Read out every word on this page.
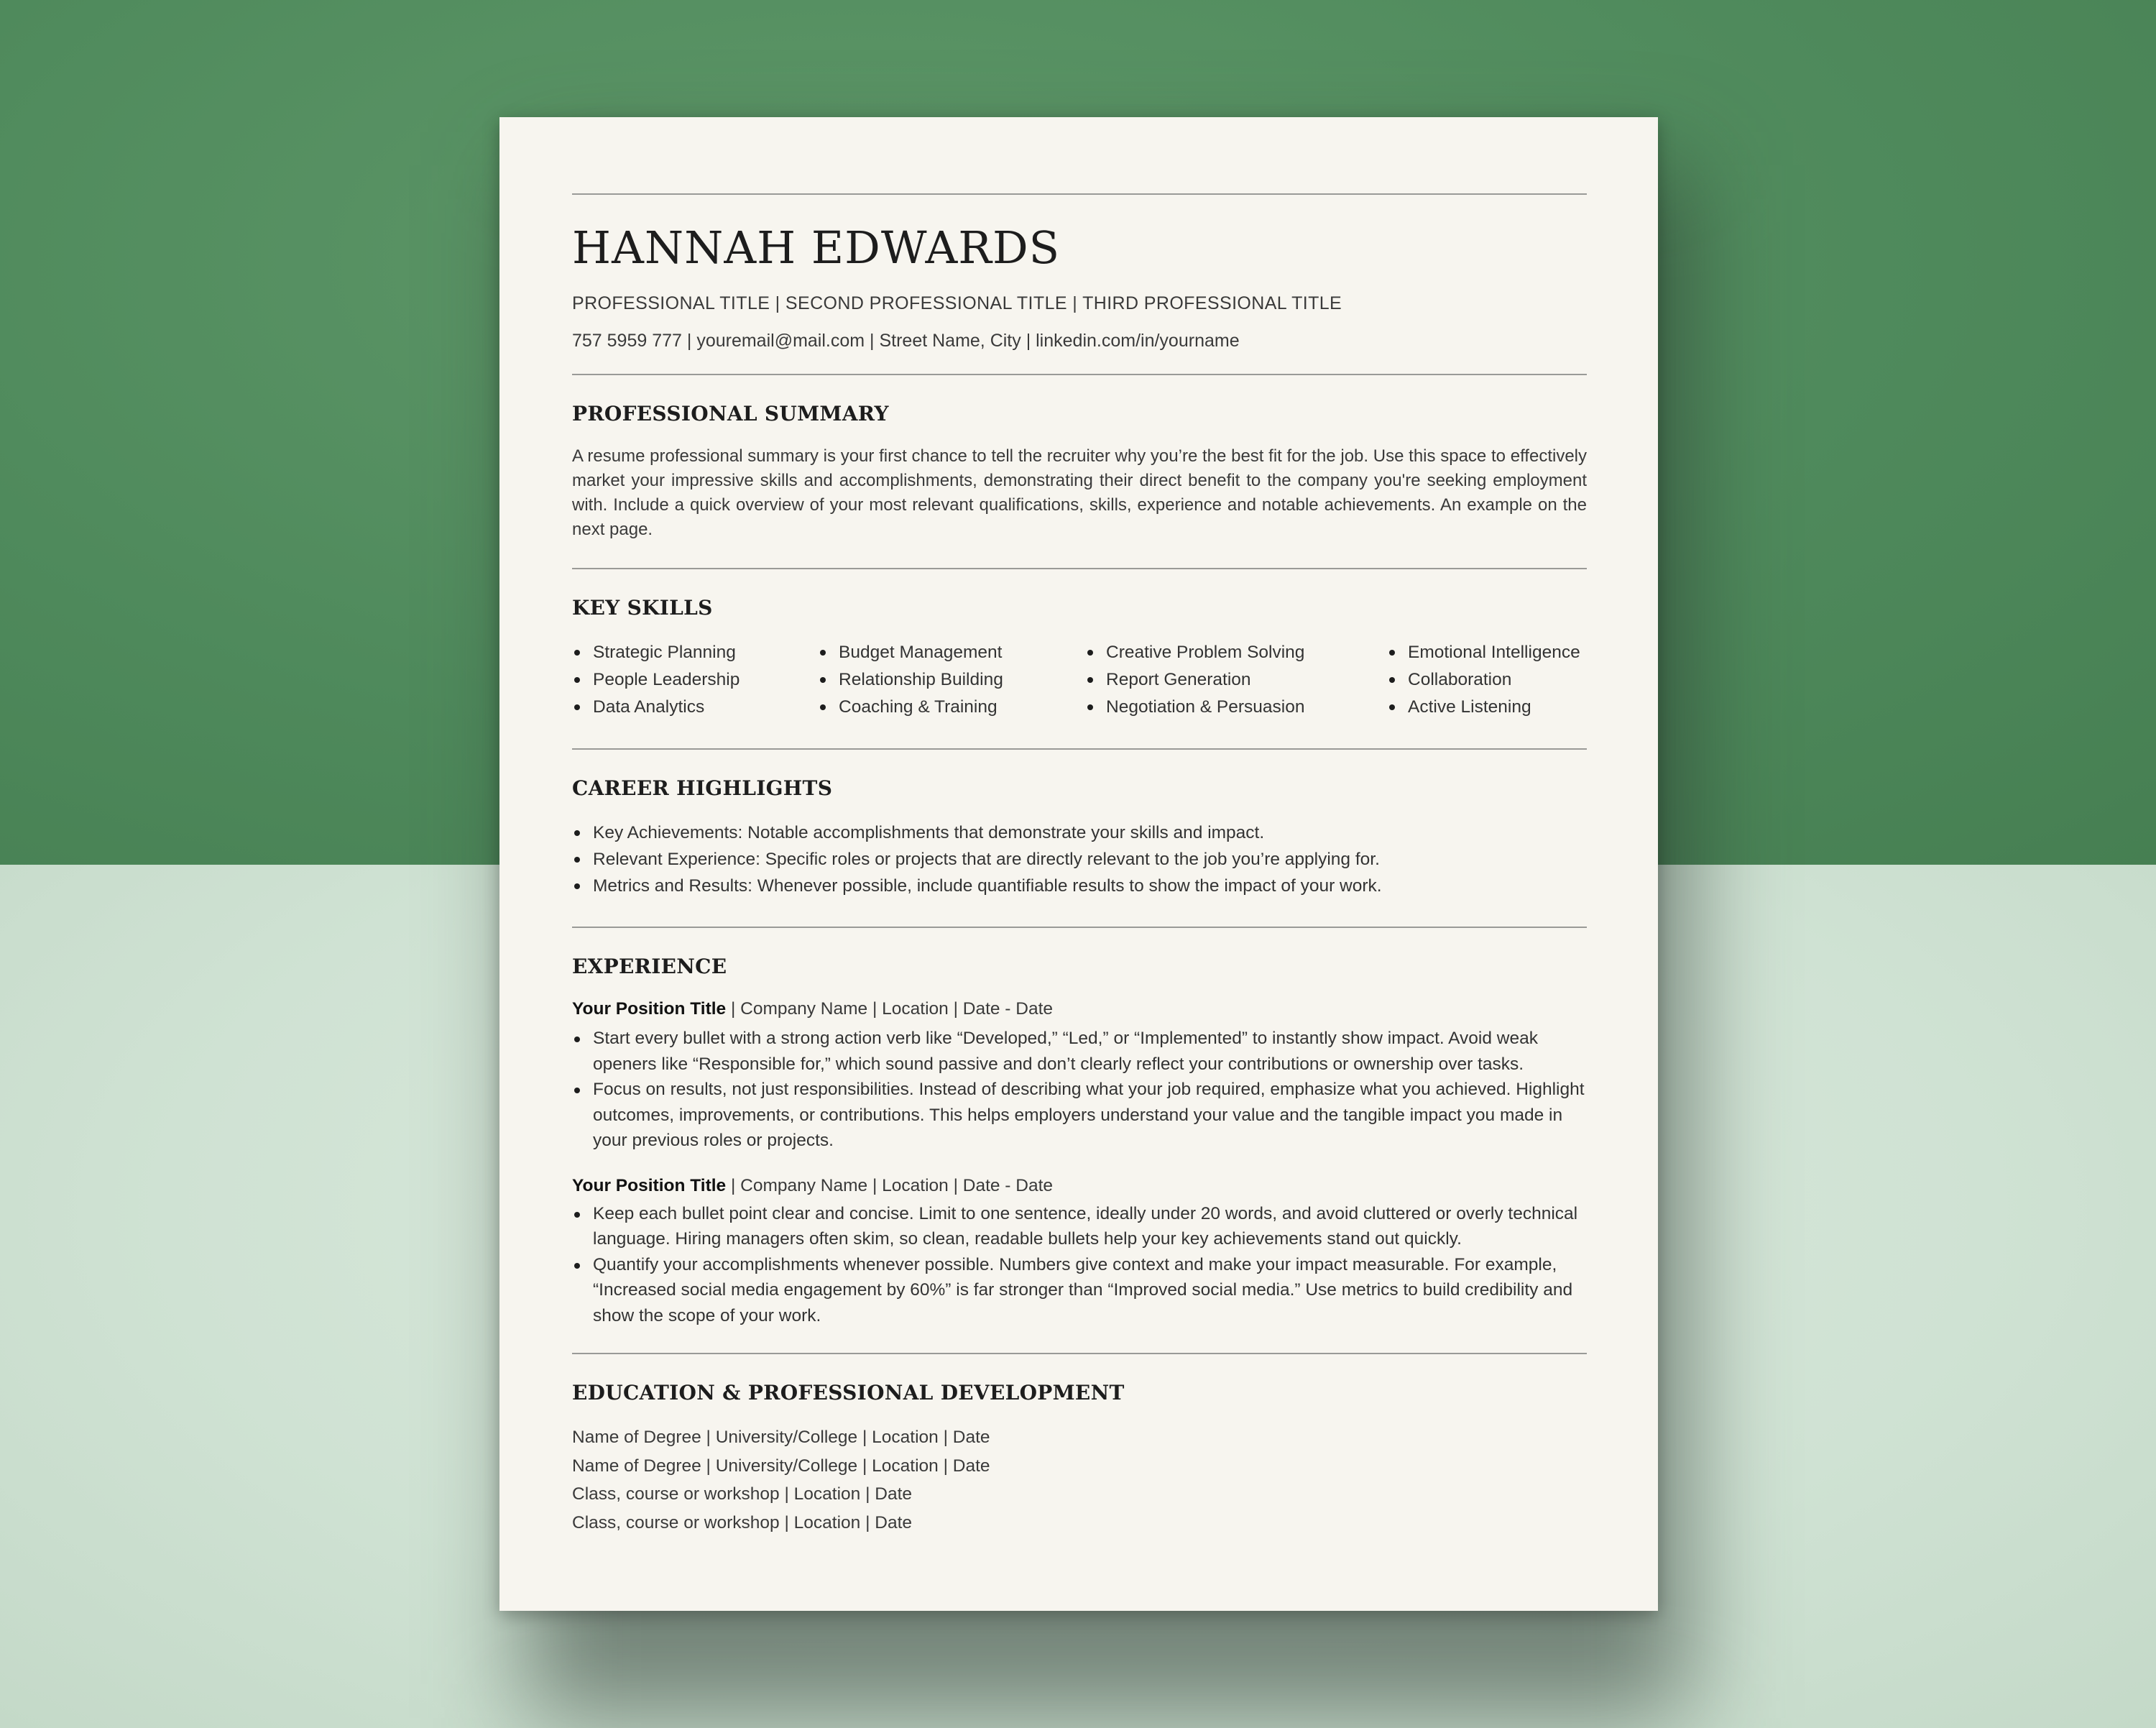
HANNAH EDWARDS
PROFESSIONAL TITLE | SECOND PROFESSIONAL TITLE | THIRD PROFESSIONAL TITLE
757 5959 777 | youremail@mail.com | Street Name, City | linkedin.com/in/yourname
PROFESSIONAL SUMMARY

A resume professional summary is your first chance to tell the recruiter why you’re the best fit for the job. Use this space to effectively market your impressive skills and accomplishments, demonstrating their direct benefit to the company you're seeking employment with. Include a quick overview of your most relevant qualifications, skills, experience and notable achievements. An example on the next page.

KEY SKILLS
Strategic Planning
People Leadership
Data Analytics
Budget Management
Relationship Building
Coaching & Training
Creative Problem Solving
Report Generation
Negotiation & Persuasion
Emotional Intelligence
Collaboration
Active Listening
CAREER HIGHLIGHTS
Key Achievements: Notable accomplishments that demonstrate your skills and impact.
Relevant Experience: Specific roles or projects that are directly relevant to the job you’re applying for.
Metrics and Results: Whenever possible, include quantifiable results to show the impact of your work.
EXPERIENCE
Your Position Title | Company Name | Location | Date - Date
Start every bullet with a strong action verb like “Developed,” “Led,” or “Implemented” to instantly show impact. Avoid weak openers like “Responsible for,” which sound passive and don’t clearly reflect your contributions or ownership over tasks.
Focus on results, not just responsibilities. Instead of describing what your job required, emphasize what you achieved. Highlight outcomes, improvements, or contributions. This helps employers understand your value and the tangible impact you made in your previous roles or projects.
Your Position Title | Company Name | Location | Date - Date
Keep each bullet point clear and concise. Limit to one sentence, ideally under 20 words, and avoid cluttered or overly technical language. Hiring managers often skim, so clean, readable bullets help your key achievements stand out quickly.
Quantify your accomplishments whenever possible. Numbers give context and make your impact measurable. For example, “Increased social media engagement by 60%” is far stronger than “Improved social media.” Use metrics to build credibility and show the scope of your work.
EDUCATION & PROFESSIONAL DEVELOPMENT
Name of Degree | University/College | Location | Date
Name of Degree | University/College | Location | Date
Class, course or workshop | Location | Date
Class, course or workshop | Location | Date
